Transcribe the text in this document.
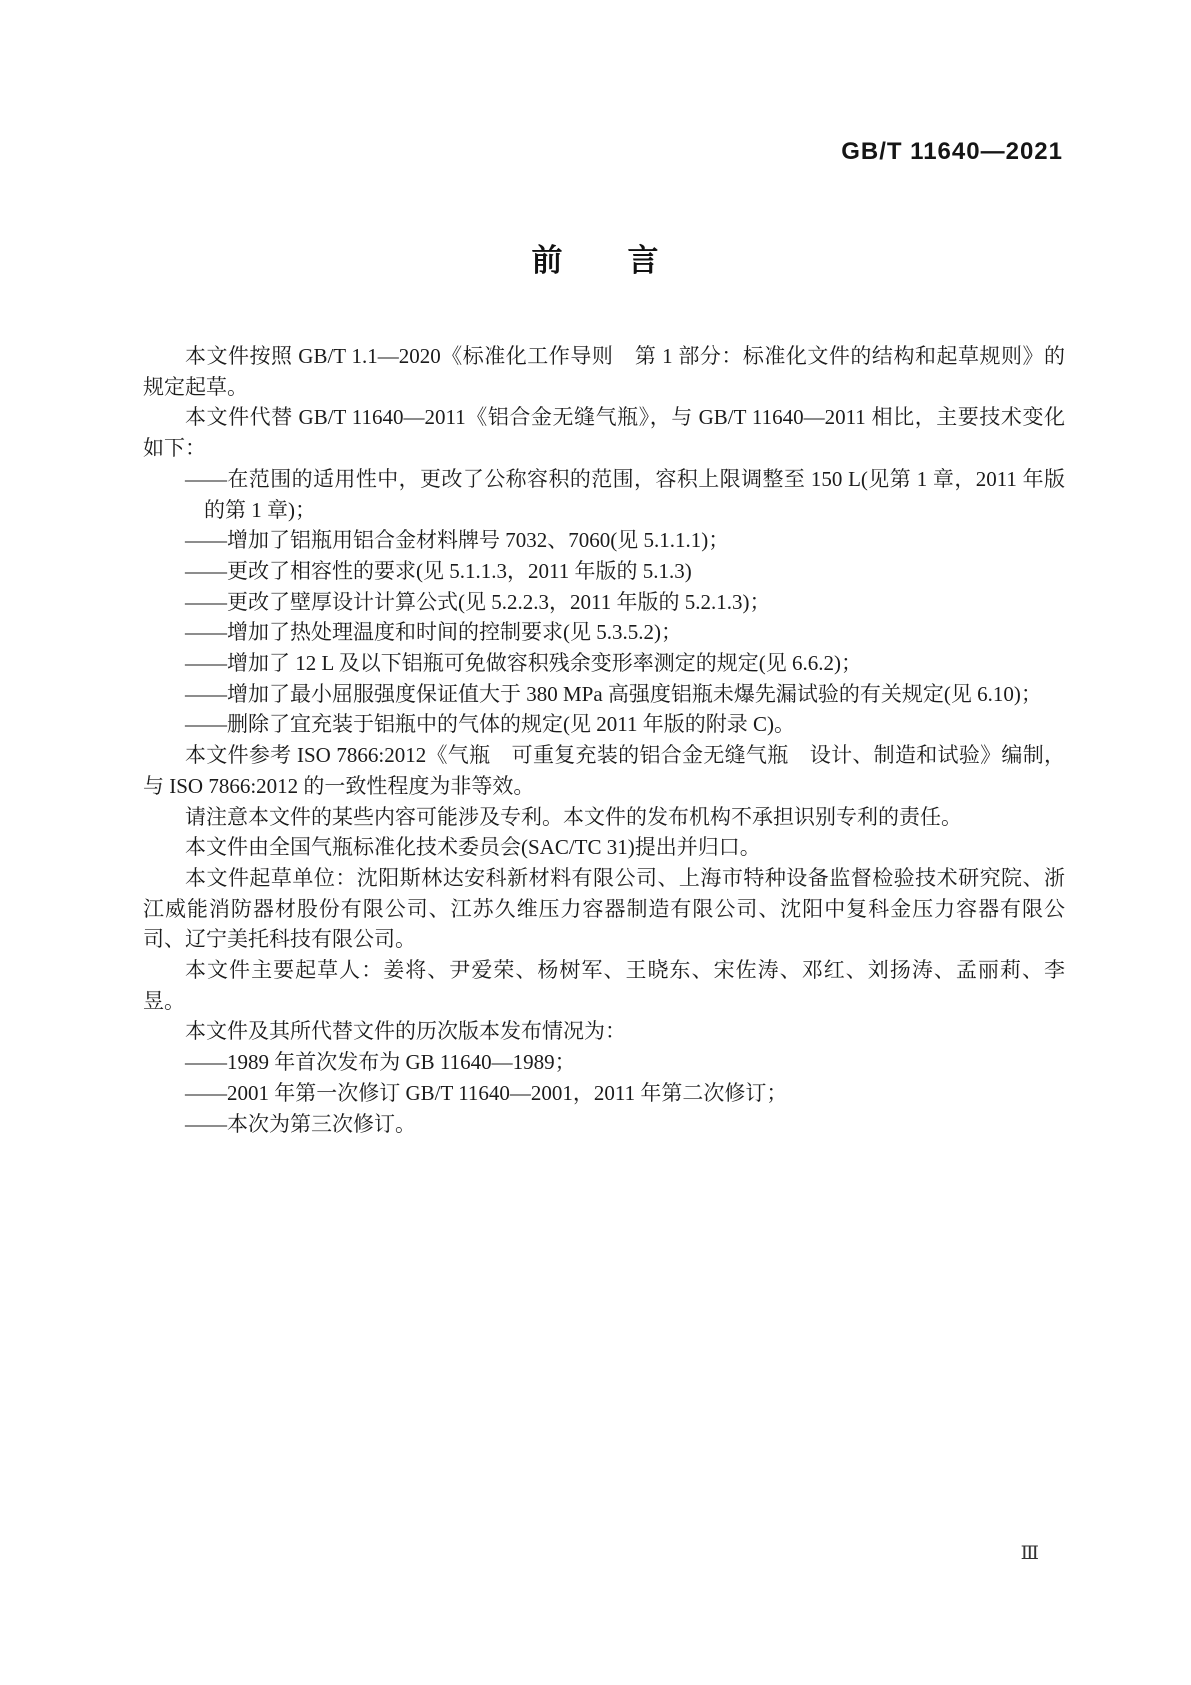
GB/T 11640—2021
前　　言

本文件按照 GB/T 1.1—2020《标准化工作导则　第 1 部分：标准化文件的结构和起草规则》的规定起草。

本文件代替 GB/T 11640—2011《铝合金无缝气瓶》，与 GB/T 11640—2011 相比，主要技术变化如下：

——在范围的适用性中，更改了公称容积的范围，容积上限调整至 150 L(见第 1 章，2011 年版的第 1 章)；
——增加了铝瓶用铝合金材料牌号 7032、7060(见 5.1.1.1)；
——更改了相容性的要求(见 5.1.1.3，2011 年版的 5.1.3)
——更改了壁厚设计计算公式(见 5.2.2.3，2011 年版的 5.2.1.3)；
——增加了热处理温度和时间的控制要求(见 5.3.5.2)；
——增加了 12 L 及以下铝瓶可免做容积残余变形率测定的规定(见 6.6.2)；
——增加了最小屈服强度保证值大于 380 MPa 高强度铝瓶未爆先漏试验的有关规定(见 6.10)；
——删除了宜充装于铝瓶中的气体的规定(见 2011 年版的附录 C)。

本文件参考 ISO 7866:2012《气瓶　可重复充装的铝合金无缝气瓶　设计、制造和试验》编制，与 ISO 7866:2012 的一致性程度为非等效。

请注意本文件的某些内容可能涉及专利。本文件的发布机构不承担识别专利的责任。

本文件由全国气瓶标准化技术委员会(SAC/TC 31)提出并归口。

本文件起草单位：沈阳斯林达安科新材料有限公司、上海市特种设备监督检验技术研究院、浙江威能消防器材股份有限公司、江苏久维压力容器制造有限公司、沈阳中复科金压力容器有限公司、辽宁美托科技有限公司。

本文件主要起草人：姜将、尹爱荣、杨树军、王晓东、宋佐涛、邓红、刘扬涛、孟丽莉、李昱。

本文件及其所代替文件的历次版本发布情况为：

——1989 年首次发布为 GB 11640—1989；
——2001 年第一次修订 GB/T 11640—2001，2011 年第二次修订；
——本次为第三次修订。
Ⅲ
